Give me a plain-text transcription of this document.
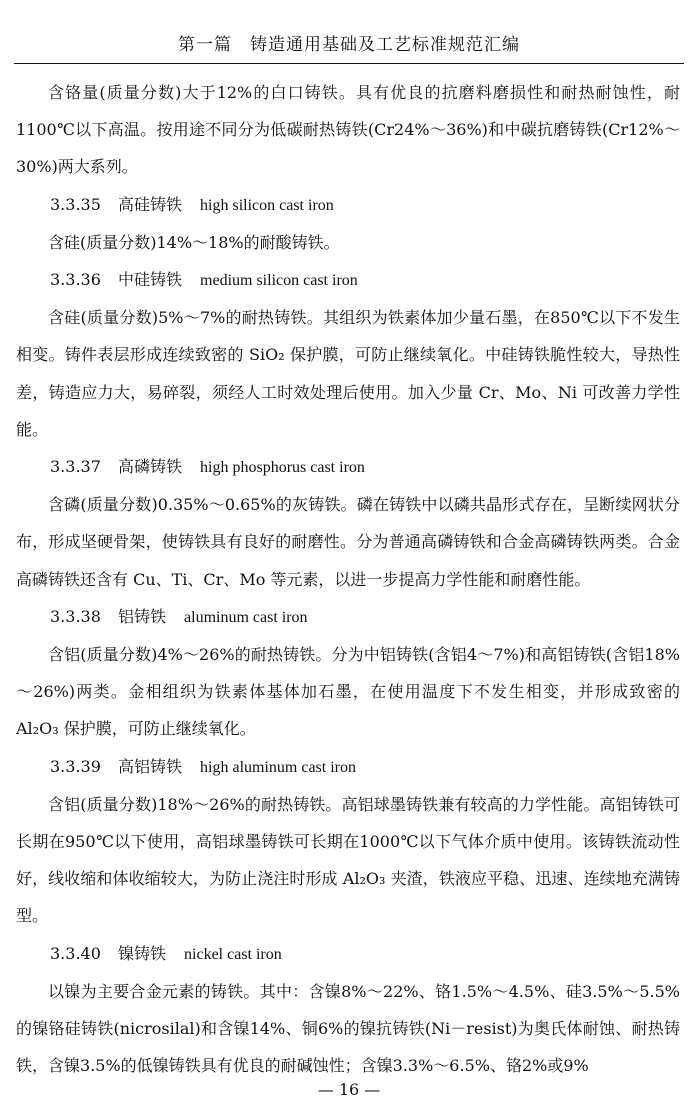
第一篇　铸造通用基础及工艺标准规范汇编

含铬量(质量分数)大于12%的白口铸铁。具有优良的抗磨料磨损性和耐热耐蚀性，耐1100℃以下高温。按用途不同分为低碳耐热铸铁(Cr24%～36%)和中碳抗磨铸铁(Cr12%～30%)两大系列。

3.3.35 高硅铸铁 high silicon cast iron

含硅(质量分数)14%～18%的耐酸铸铁。

3.3.36 中硅铸铁 medium silicon cast iron

含硅(质量分数)5%～7%的耐热铸铁。其组织为铁素体加少量石墨，在850℃以下不发生相变。铸件表层形成连续致密的 SiO₂ 保护膜，可防止继续氧化。中硅铸铁脆性较大，导热性差，铸造应力大，易碎裂，须经人工时效处理后使用。加入少量 Cr、Mo、Ni 可改善力学性能。

3.3.37 高磷铸铁 high phosphorus cast iron

含磷(质量分数)0.35%～0.65%的灰铸铁。磷在铸铁中以磷共晶形式存在，呈断续网状分布，形成坚硬骨架，使铸铁具有良好的耐磨性。分为普通高磷铸铁和合金高磷铸铁两类。合金高磷铸铁还含有 Cu、Ti、Cr、Mo 等元素，以进一步提高力学性能和耐磨性能。

3.3.38 铝铸铁 aluminum cast iron

含铝(质量分数)4%～26%的耐热铸铁。分为中铝铸铁(含铝4～7%)和高铝铸铁(含铝18%～26%)两类。金相组织为铁素体基体加石墨，在使用温度下不发生相变，并形成致密的 Al₂O₃ 保护膜，可防止继续氧化。

3.3.39 高铝铸铁 high aluminum cast iron

含铝(质量分数)18%～26%的耐热铸铁。高铝球墨铸铁兼有较高的力学性能。高铝铸铁可长期在950℃以下使用，高铝球墨铸铁可长期在1000℃以下气体介质中使用。该铸铁流动性好，线收缩和体收缩较大，为防止浇注时形成 Al₂O₃ 夹渣，铁液应平稳、迅速、连续地充满铸型。

3.3.40 镍铸铁 nickel cast iron

以镍为主要合金元素的铸铁。其中：含镍8%～22%、铬1.5%～4.5%、硅3.5%～5.5%的镍铬硅铸铁(nicrosilal)和含镍14%、铜6%的镍抗铸铁(Ni－resist)为奥氏体耐蚀、耐热铸铁，含镍3.5%的低镍铸铁具有优良的耐碱蚀性；含镍3.3%～6.5%、铬2%或9%

— 16 —
